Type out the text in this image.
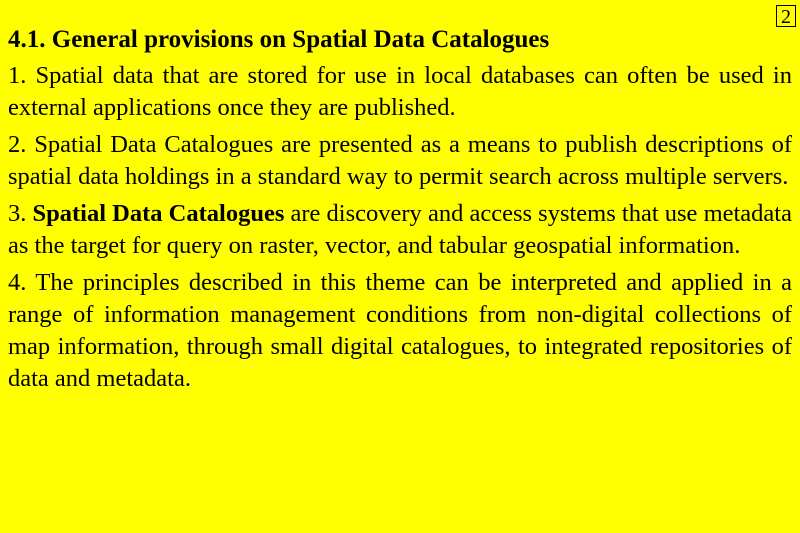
2
4.1. General provisions on Spatial Data Catalogues
1. Spatial data that are stored for use in local databases can often be used in external applications once they are published.
2. Spatial Data Catalogues are presented as a means to publish descriptions of spatial data holdings in a standard way to permit search across multiple servers.
3. Spatial Data Catalogues are discovery and access systems that use metadata as the target for query on raster, vector, and tabular geospatial information.
4. The principles described in this theme can be interpreted and applied in a range of information management conditions from non-digital collections of map information, through small digital catalogues, to integrated repositories of data and metadata.
